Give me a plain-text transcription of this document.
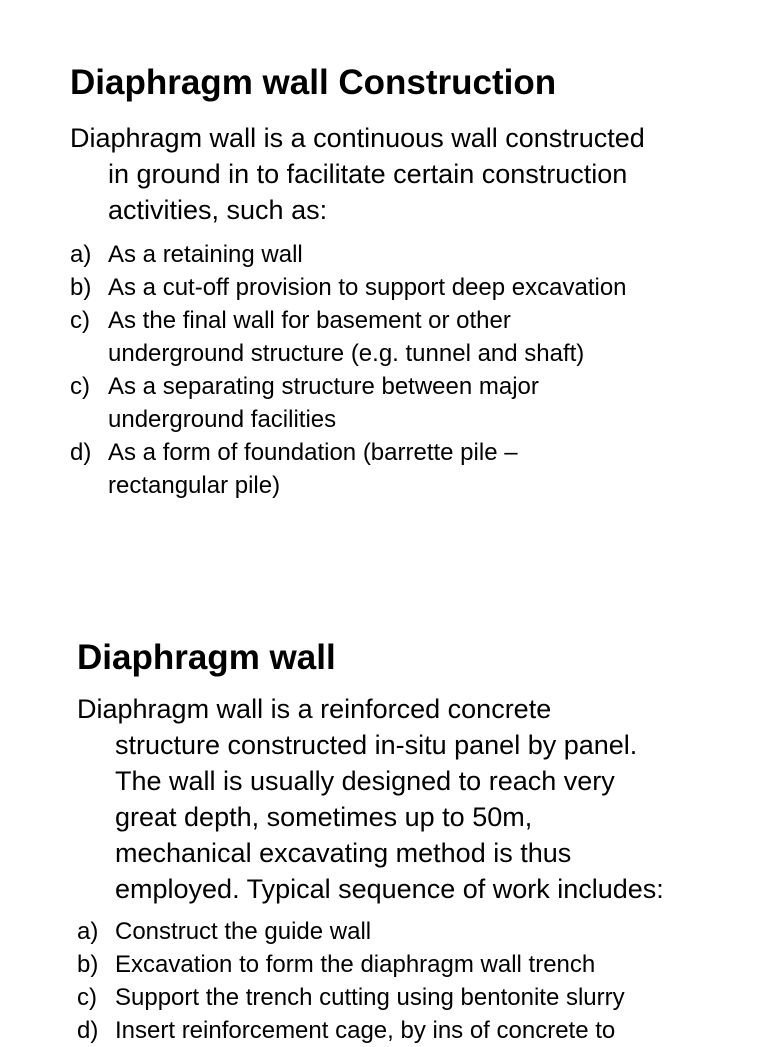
Diaphragm wall Construction

Diaphragm wall is a continuous wall constructed
in ground in to facilitate certain construction
activities, such as:

a) As a retaining wall
b) As a cut-off provision to support deep excavation
c) As the final wall for basement or other
underground structure (e.g. tunnel and shaft)
c) As a separating structure between major
underground facilities
d) As a form of foundation (barrette pile –
rectangular pile)
Diaphragm wall

Diaphragm wall is a reinforced concrete
structure constructed in-situ panel by panel.
The wall is usually designed to reach very
great depth, sometimes up to 50m,
mechanical excavating method is thus
employed. Typical sequence of work includes:

a) Construct the guide wall
b) Excavation to form the diaphragm wall trench
c) Support the trench cutting using bentonite slurry
d) Insert reinforcement cage, by ins of concrete to
